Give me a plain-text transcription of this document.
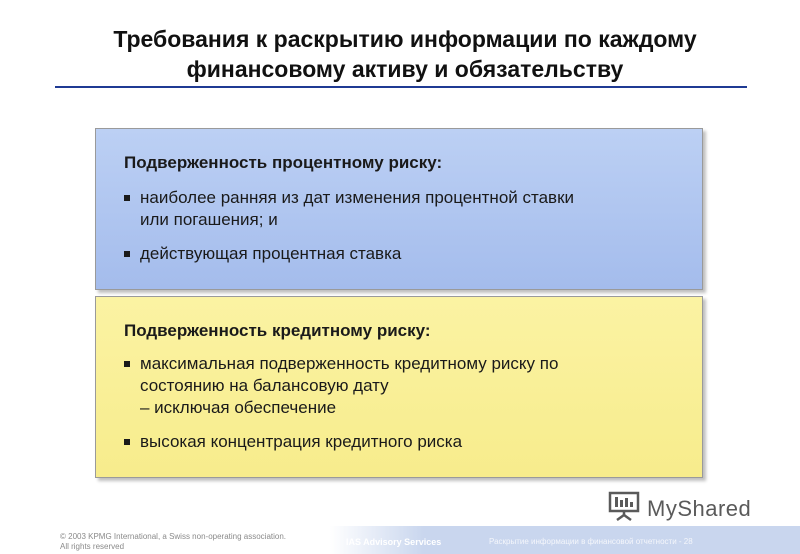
Требования к раскрытию информации по каждому
финансовому активу и обязательству
Подверженность процентному риску:
наиболее ранняя из дат изменения процентной ставки
или погашения; и
действующая процентная ставка
Подверженность кредитному риску:
максимальная подверженность кредитному риску по
состоянию на балансовую дату
– исключая обеспечение
высокая концентрация кредитного риска
MyShared
© 2003 KPMG International, a Swiss non-operating association.
All rights reserved	IAS Advisory Services	Раскрытие информации в финансовой отчетности - 28
